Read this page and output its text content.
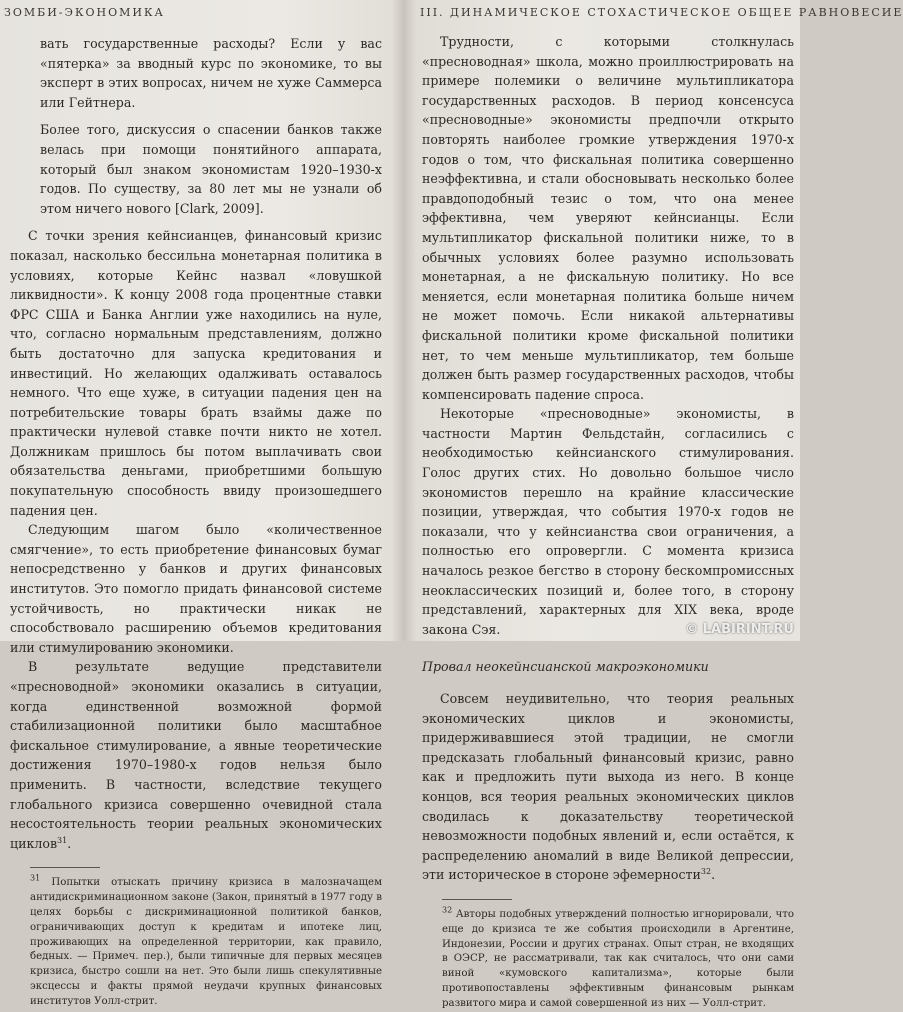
ЗОМБИ-ЭКОНОМИКА

вать государственные расходы? Если у вас «пятерка» за вводный курс по экономике, то вы эксперт в этих вопросах, ничем не хуже Саммерса или Гейтнера.

Более того, дискуссия о спасении банков также велась при помощи понятийного аппарата, который был знаком экономистам 1920–1930-х годов. По существу, за 80 лет мы не узнали об этом ничего нового [Clark, 2009].

С точки зрения кейнсианцев, финансовый кризис показал, насколько бессильна монетарная политика в условиях, которые Кейнс назвал «ловушкой ликвидности». К концу 2008 года процентные ставки ФРС США и Банка Англии уже находились на нуле, что, согласно нормальным представлениям, должно быть достаточно для запуска кредитования и инвестиций. Но желающих одалживать оставалось немного. Что еще хуже, в ситуации падения цен на потребительские товары брать взаймы даже по практически нулевой ставке почти никто не хотел. Должникам пришлось бы потом выплачивать свои обязательства деньгами, приобретшими большую покупательную способность ввиду произошедшего падения цен.

Следующим шагом было «количественное смягчение», то есть приобретение финансовых бумаг непосредственно у банков и других финансовых институтов. Это помогло придать финансовой системе устойчивость, но практически никак не способствовало расширению объемов кредитования или стимулированию экономики.

В результате ведущие представители «пресноводной» экономики оказались в ситуации, когда единственной возможной формой стабилизационной политики было масштабное фискальное стимулирование, а явные теоретические достижения 1970–1980-х годов нельзя было применить. В частности, вследствие текущего глобального кризиса совершенно очевидной стала несостоятельность теории реальных экономических циклов$^{31}$.

$^{31}$ Попытки отыскать причину кризиса в малозначащем антидискриминационном законе (Закон, принятый в 1977 году в целях борьбы с дискриминационной политикой банков, ограничивающих доступ к кредитам и ипотеке лиц, проживающих на определенной территории, как правило, бедных. — Примеч. пер.), были типичные для первых месяцев кризиса, быстро сошли на нет. Это были лишь спекулятивные эксцессы и факты прямой неудачи крупных финансовых институтов Уолл-стрит.

III. ДИНАМИЧЕСКОЕ СТОХАСТИЧЕСКОЕ ОБЩЕЕ РАВНОВЕСИЕ

Трудности, с которыми столкнулась «пресноводная» школа, можно проиллюстрировать на примере полемики о величине мультипликатора государственных расходов. В период консенсуса «пресноводные» экономисты предпочли открыто повторять наиболее громкие утверждения 1970-х годов о том, что фискальная политика совершенно неэффективна, и стали обосновывать несколько более правдоподобный тезис о том, что она менее эффективна, чем уверяют кейнсианцы. Если мультипликатор фискальной политики ниже, то в обычных условиях более разумно использовать монетарная, а не фискальную политику. Но все меняется, если монетарная политика больше ничем не может помочь. Если никакой альтернативы фискальной политики кроме фискальной политики нет, то чем меньше мультипликатор, тем больше должен быть размер государственных расходов, чтобы компенсировать падение спроса.

Некоторые «пресноводные» экономисты, в частности Мартин Фельдстайн, согласились с необходимостью кейнсианского стимулирования. Голос других стих. Но довольно большое число экономистов перешло на крайние классические позиции, утверждая, что события 1970-х годов не показали, что у кейнсианства свои ограничения, а полностью его опровергли. С момента кризиса началось резкое бегство в сторону бескомпромиссных неоклассических позиций и, более того, в сторону представлений, характерных для XIX века, вроде закона Сэя.

Провал неокейнсианской макроэкономики

Совсем неудивительно, что теория реальных экономических циклов и экономисты, придерживавшиеся этой традиции, не смогли предсказать глобальный финансовый кризис, равно как и предложить пути выхода из него. В конце концов, вся теория реальных экономических циклов сводилась к доказательству теоретической невозможности подобных явлений и, если остаётся, к распределению аномалий в виде Великой депрессии, эти историческое в стороне эфемерности$^{32}$.

$^{32}$ Авторы подобных утверждений полностью игнорировали, что еще до кризиса те же события происходили в Аргентине, Индонезии, России и других странах. Опыт стран, не входящих в ОЭСР, не рассматривали, так как считалось, что они сами виной «кумовского капитализма», которые были противопоставлены эффективным финансовым рынкам развитого мира и самой совершенной из них — Уолл-стрит.

© LABIRINT.RU
